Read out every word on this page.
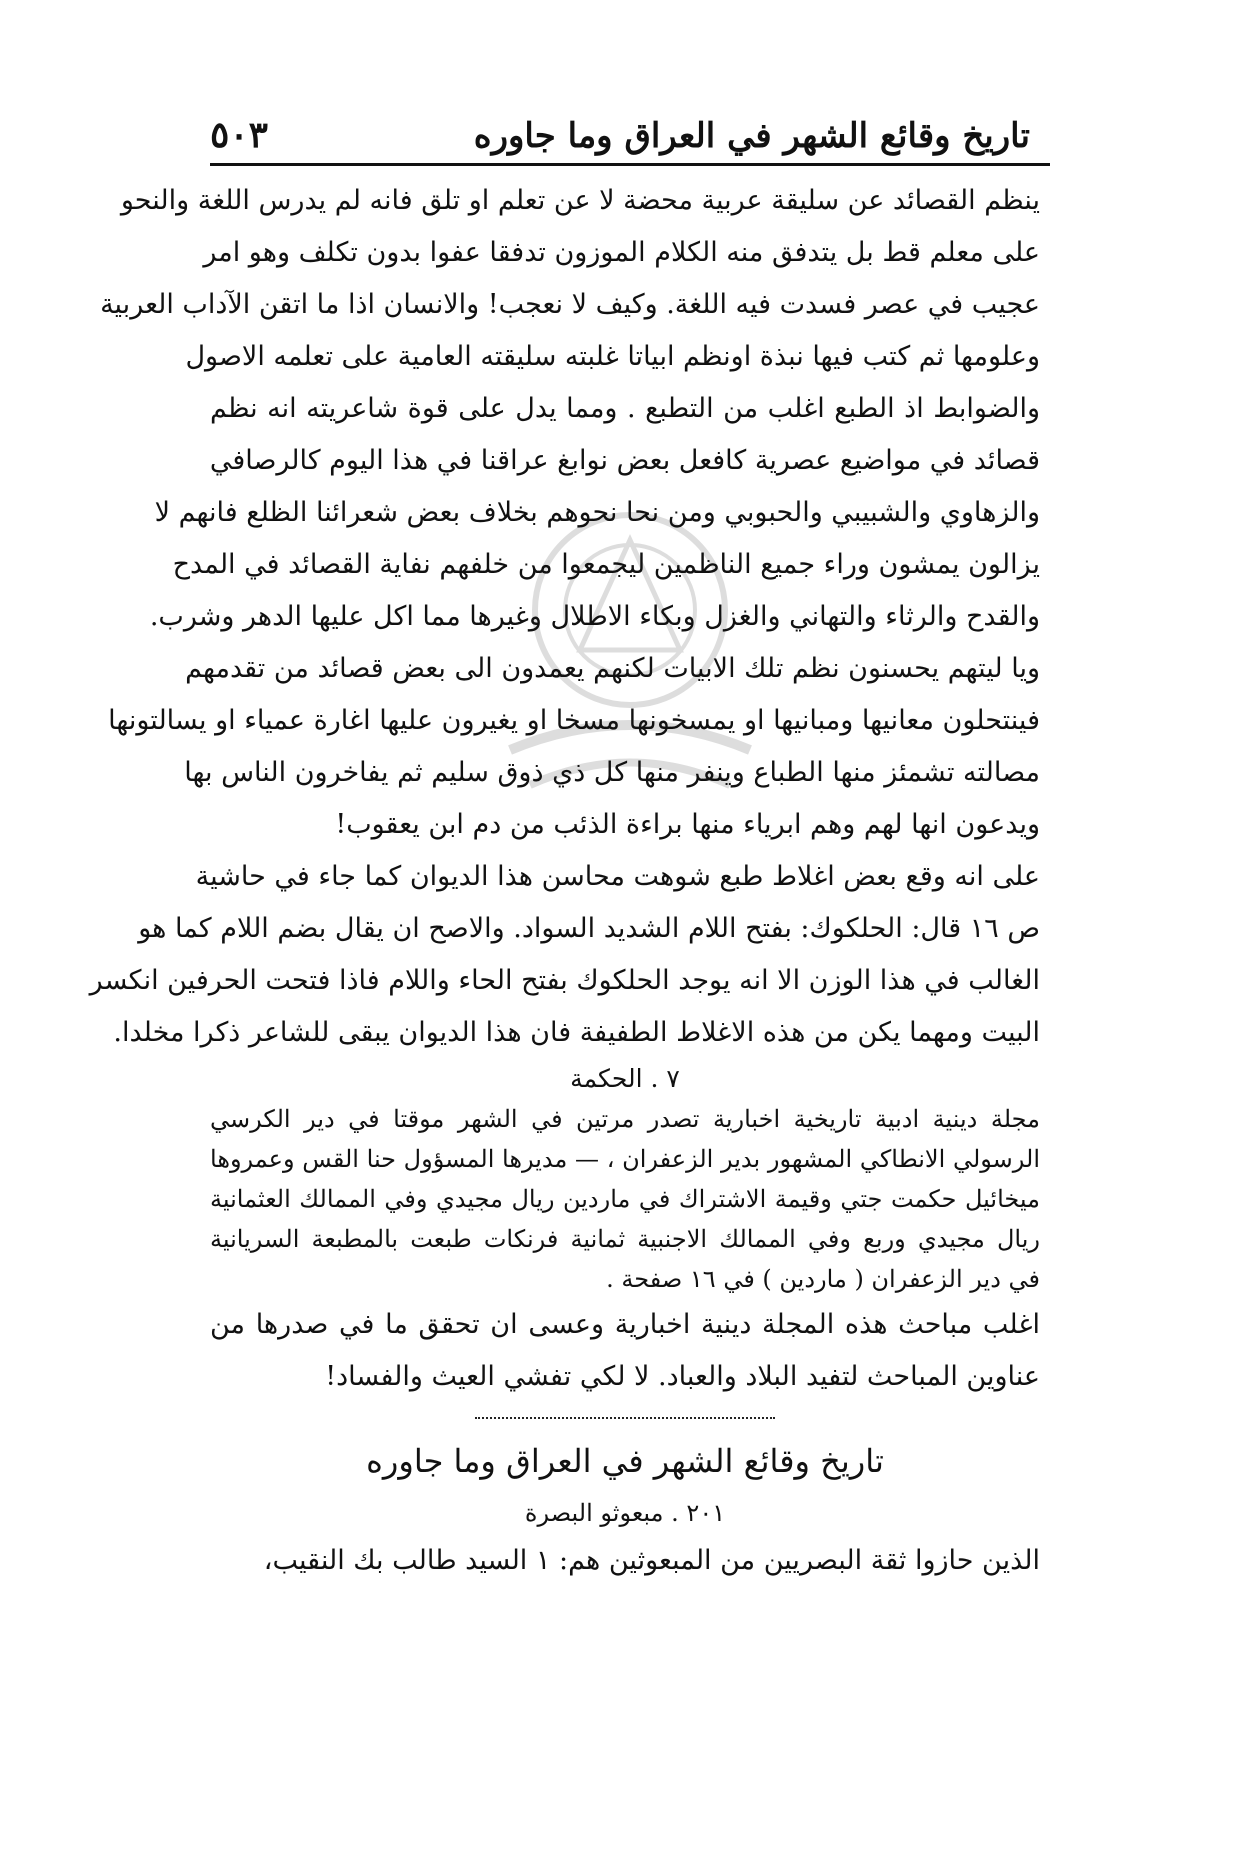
تاريخ وقائع الشهر في العراق وما جاوره
٥٠٣
ينظم القصائد عن سليقة عربية محضة لا عن تعلم او تلق فانه لم يدرس اللغة والنحو
على معلم قط بل يتدفق منه الكلام الموزون تدفقا عفوا بدون تكلف وهو امر
عجيب في عصر فسدت فيه اللغة. وكيف لا نعجب! والانسان اذا ما اتقن الآداب العربية
وعلومها ثم كتب فيها نبذة اونظم ابياتا غلبته سليقته العامية على تعلمه الاصول
والضوابط اذ الطبع اغلب من التطبع . ومما يدل على قوة شاعريته انه نظم
قصائد في مواضيع عصرية كافعل بعض نوابغ عراقنا في هذا اليوم كالرصافي
والزهاوي والشبيبي والحبوبي ومن نحا نحوهم بخلاف بعض شعرائنا الظلع فانهم لا
يزالون يمشون وراء جميع الناظمين ليجمعوا من خلفهم نفاية القصائد في المدح
والقدح والرثاء والتهاني والغزل وبكاء الاطلال وغيرها مما اكل عليها الدهر وشرب.
ويا ليتهم يحسنون نظم تلك الابيات لكنهم يعمدون الى بعض قصائد من تقدمهم
فينتحلون معانيها ومبانيها او يمسخونها مسخا او يغيرون عليها اغارة عمياء او يسالتونها
مصالته تشمئز منها الطباع وينفر منها كل ذي ذوق سليم ثم يفاخرون الناس بها
ويدعون انها لهم وهم ابرياء منها براءة الذئب من دم ابن يعقوب!
على انه وقع بعض اغلاط طبع شوهت محاسن هذا الديوان كما جاء في حاشية
ص ١٦ قال: الحلكوك: بفتح اللام الشديد السواد. والاصح ان يقال بضم اللام كما هو
الغالب في هذا الوزن الا انه يوجد الحلكوك بفتح الحاء واللام فاذا فتحت الحرفين انكسر
البيت ومهما يكن من هذه الاغلاط الطفيفة فان هذا الديوان يبقى للشاعر ذكرا مخلدا.
٧ . الحكمة
مجلة دينية ادبية تاريخية اخبارية تصدر مرتين في الشهر موقتا في دير الكرسي
الرسولي الانطاكي المشهور بدير الزعفران ، — مديرها المسؤول حنا القس وعمروها
ميخائيل حكمت جتي وقيمة الاشتراك في ماردين ريال مجيدي وفي الممالك العثمانية
ريال مجيدي وربع وفي الممالك الاجنبية ثمانية فرنكات طبعت بالمطبعة السريانية
في دير الزعفران ( ماردين ) في ١٦ صفحة .
اغلب مباحث هذه المجلة دينية اخبارية وعسى ان تحقق ما في صدرها من
عناوين المباحث لتفيد البلاد والعباد. لا لكي تفشي العيث والفساد!
تاريخ وقائع الشهر في العراق وما جاوره
٢٠١ . مبعوثو البصرة
الذين حازوا ثقة البصريين من المبعوثين هم: ١ السيد طالب بك النقيب،
